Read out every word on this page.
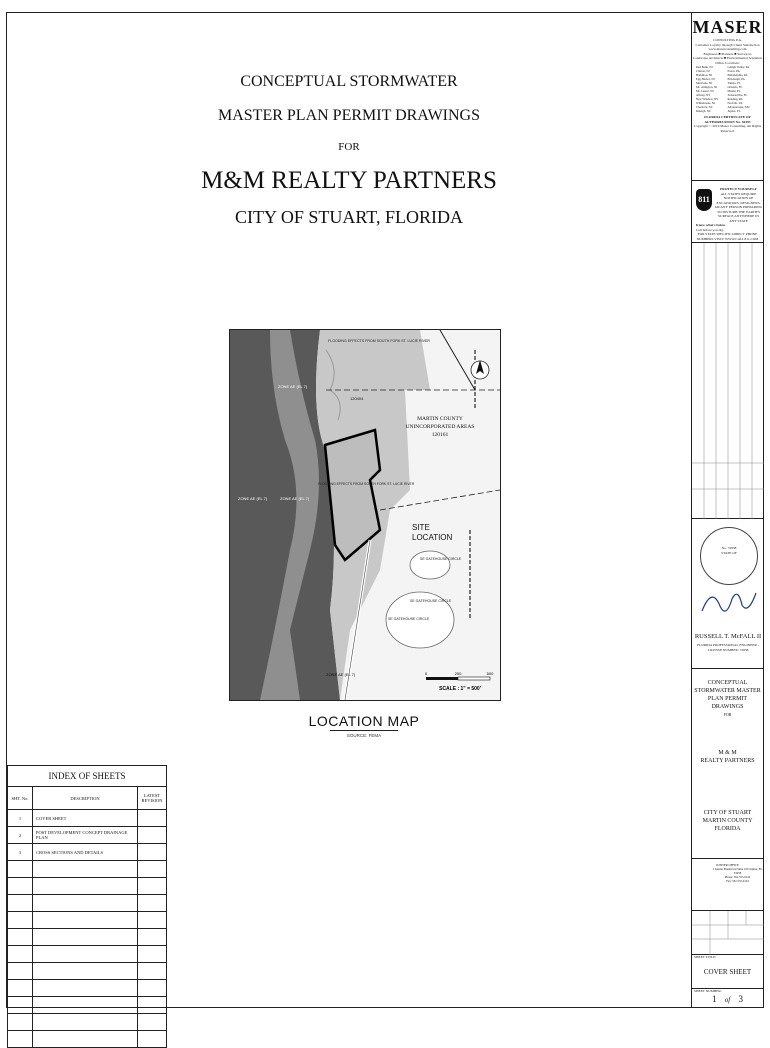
CONCEPTUAL STORMWATER
MASTER PLAN PERMIT DRAWINGS
FOR
M&M REALTY PARTNERS
CITY OF STUART, FLORIDA
FLOODING EFFECTS FROM SOUTH FORK ST. LUCIE RIVER
ZONE AE (EL 7)
120404
MARTIN COUNTY
UNINCORPORATED AREAS
120161
FLOODING EFFECTS FROM SOUTH FORK ST. LUCIE RIVER
ZONE AE (EL 7)	ZONE AE (EL 7)
SITE
LOCATION
SE GATEHOUSE CIRCLE
SE GATEHOUSE CIRCLE
SE GATEHOUSE CIRCLE
ZONE AE (EL 7)	0	250	500
SCALE : 1" = 500'
LOCATION MAP
SOURCE: FEMA
INDEX OF SHEETS		
SHT. No.	DESCRIPTION	LATEST REVISION
1	COVER SHEET	
2	POST DEVELOPMENT CONCEPT DRAINAGE PLAN	
3	CROSS SECTIONS AND DETAILS	

MASER
CONSULTING P.A.
Customer Loyalty through Client Satisfaction
www.maserconsulting.com
Engineers ■ Planners ■ Surveyors
Landscape Architects ■ Environmental Scientists
Office Locations:
Red Bank, NJ	Lehigh Valley, PA
Clinton, NJ	Exton, PA
Hamilton, NJ	Philadelphia, PA
Egg Harbor, NJ	Pittsburgh, PA
Montvale, NJ	Tampa, FL
Mt. Arlington, NJ	Orlando, FL
Mt. Laurel, NJ	Miami, FL
Albany, NY	Jacksonville, FL
New Windsor, NY	Reading, PA
Whitehouse, NJ	Norfolk, VA
Charlotte, NC	Albuquerque, NM
Raleigh, NC	Jupiter, FL
FLORIDA CERTIFICATE OF AUTHORIZATION No. 30393
Copyright © 2019 Maser Consulting. All Rights Reserved.
811
PROTECT YOURSELF
ALL STATES REQUIRE NOTIFICATION OF EXCAVATORS, DESIGNERS, OR ANY PERSON PREPARING TO DISTURB THE EARTH'S SURFACE ANYWHERE IN ANY STATE
Know what's below.
Call before you dig.
FOR STATE SPECIFIC DIRECT PHONE NUMBERS VISIT: WWW.CALL811.COM
No. 72838
STATE OF
RUSSELL T. McFALL II
FLORIDA PROFESSIONAL ENGINEER - LICENSE NUMBER: 72838
CONCEPTUAL
STORMWATER MASTER
PLAN PERMIT DRAWINGS
FOR
M & M
REALTY PARTNERS
CITY OF STUART
MARTIN COUNTY
FLORIDA
JUPITER OFFICE
1 Jupiter Boulevard Suite 100 Jupiter, FL 33458
Phone: 561.555.0142
Fax: 561.555.0143
SHEET TITLE:
COVER SHEET
SHEET NUMBER:
1 of 3
